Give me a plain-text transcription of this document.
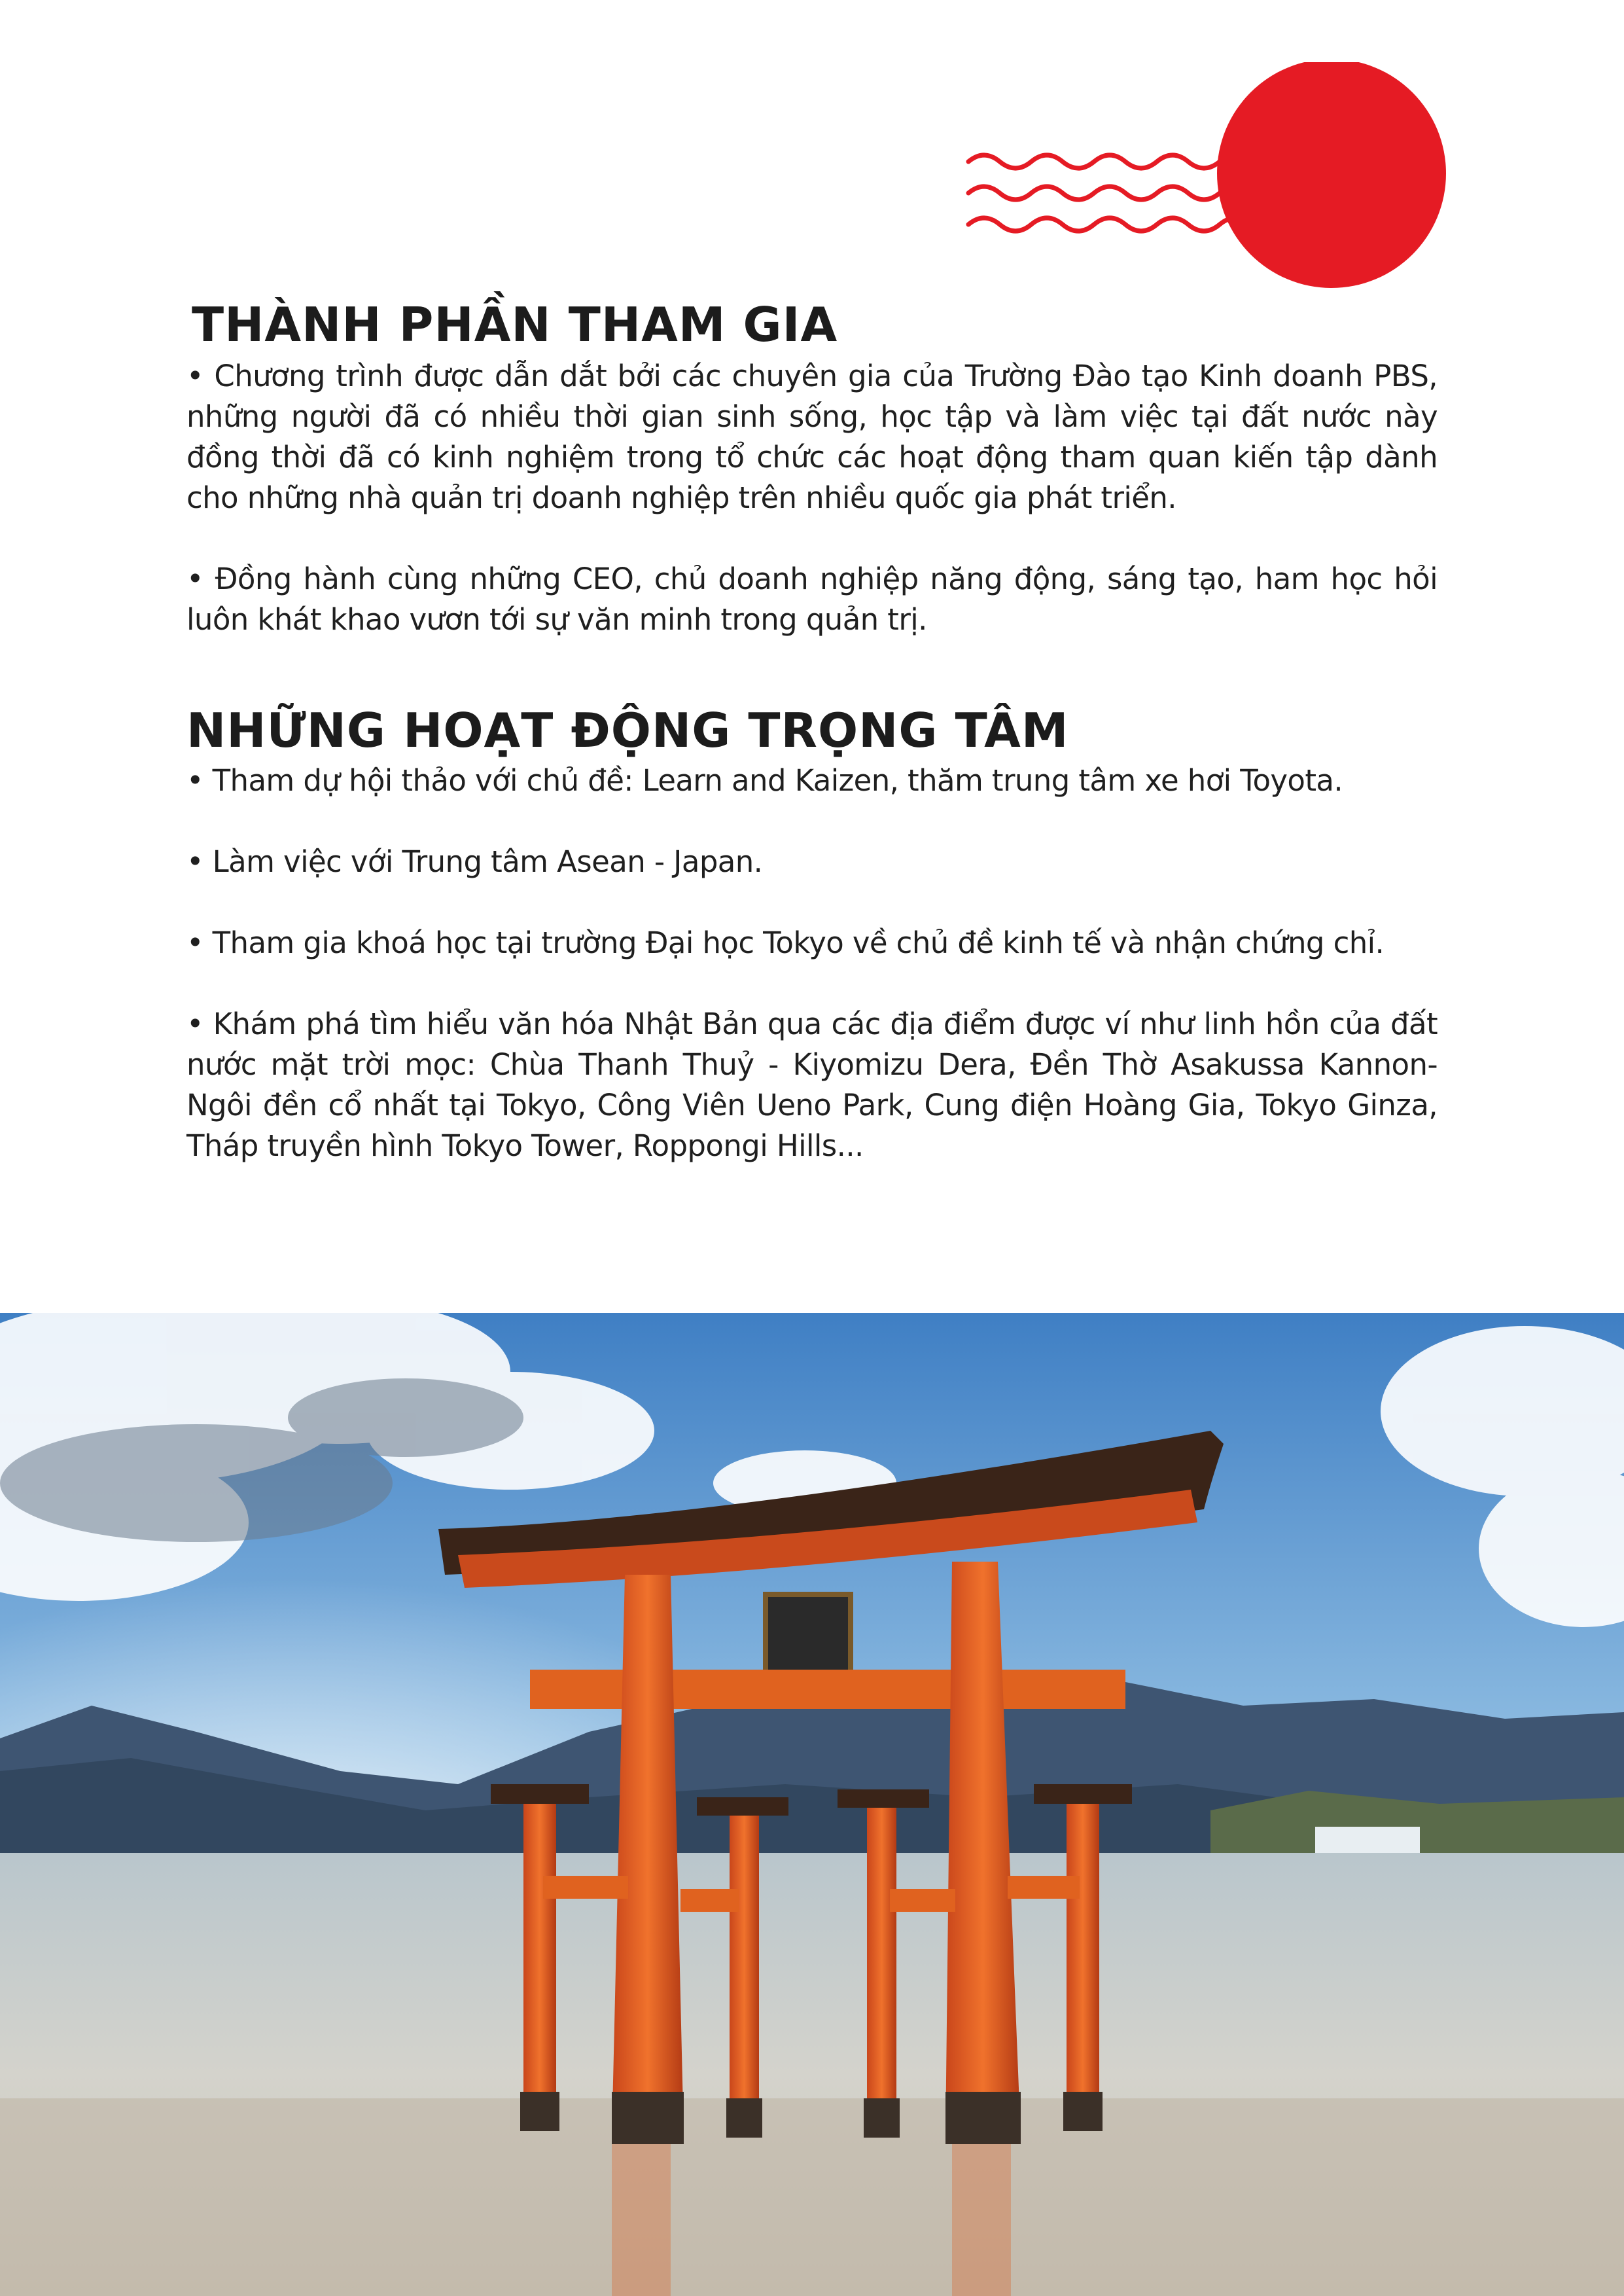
THÀNH PHẦN THAM GIA

• Chương trình được dẫn dắt bởi các chuyên gia của Trường Đào tạo Kinh doanh PBS, những người đã có nhiều thời gian sinh sống, học tập và làm việc tại đất nước này đồng thời đã có kinh nghiệm trong tổ chức các hoạt động tham quan kiến tập dành cho những nhà quản trị doanh nghiệp trên nhiều quốc gia phát triển.

• Đồng hành cùng những CEO, chủ doanh nghiệp năng động, sáng tạo, ham học hỏi luôn khát khao vươn tới sự văn minh trong quản trị.

NHỮNG HOẠT ĐỘNG TRỌNG TÂM

• Tham dự hội thảo với chủ đề: Learn and Kaizen, thăm trung tâm xe hơi Toyota.

• Làm việc với Trung tâm Asean - Japan.

• Tham gia khoá học tại trường Đại học Tokyo về chủ đề kinh tế và nhận chứng chỉ.

• Khám phá tìm hiểu văn hóa Nhật Bản qua các địa điểm được ví như linh hồn của đất nước mặt trời mọc: Chùa Thanh Thuỷ - Kiyomizu Dera, Đền Thờ Asakussa Kannon- Ngôi đền cổ nhất tại Tokyo, Công Viên Ueno Park, Cung điện Hoàng Gia, Tokyo Ginza, Tháp truyền hình Tokyo Tower, Roppongi Hills...
